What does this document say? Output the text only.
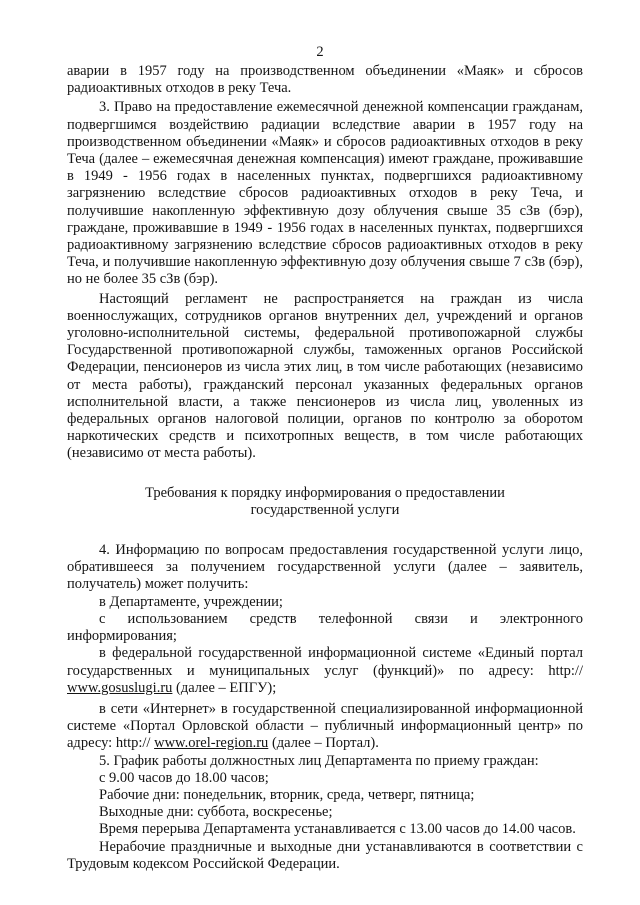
2

аварии в 1957 году на производственном объединении «Маяк» и сбросов радиоактивных отходов в реку Теча.

3. Право на предоставление ежемесячной денежной компенсации гражданам, подвергшимся воздействию радиации вследствие аварии в 1957 году на производственном объединении «Маяк» и сбросов радиоактивных отходов в реку Теча (далее – ежемесячная денежная компенсация) имеют граждане, проживавшие в 1949 - 1956 годах в населенных пунктах, подвергшихся радиоактивному загрязнению вследствие сбросов радиоактивных отходов в реку Теча, и получившие накопленную эффективную дозу облучения свыше 35 сЗв (бэр), граждане, проживавшие в 1949 - 1956 годах в населенных пунктах, подвергшихся радиоактивному загрязнению вследствие сбросов радиоактивных отходов в реку Теча, и получившие накопленную эффективную дозу облучения свыше 7 сЗв (бэр), но не более 35 сЗв (бэр).

Настоящий регламент не распространяется на граждан из числа военнослужащих, сотрудников органов внутренних дел, учреждений и органов уголовно-исполнительной системы, федеральной противопожарной службы Государственной противопожарной службы, таможенных органов Российской Федерации, пенсионеров из числа этих лиц, в том числе работающих (независимо от места работы), гражданский персонал указанных федеральных органов исполнительной власти, а также пенсионеров из числа лиц, уволенных из федеральных органов налоговой полиции, органов по контролю за оборотом наркотических средств и психотропных веществ, в том числе работающих (независимо от места работы).

Требования к порядку информирования о предоставлении
государственной услуги

4. Информацию по вопросам предоставления государственной услуги лицо, обратившееся за получением государственной услуги (далее – заявитель, получатель) может получить:

в Департаменте, учреждении;

с использованием средств телефонной связи и электронного информирования;

в федеральной государственной информационной системе «Единый портал государственных и муниципальных услуг (функций)» по адресу: http:// www.gosuslugi.ru (далее – ЕПГУ);

в сети «Интернет» в государственной специализированной информационной системе «Портал Орловской области – публичный информационный центр» по адресу: http:// www.orel-region.ru (далее – Портал).

5. График работы должностных лиц Департамента по приему граждан:

с 9.00 часов до 18.00 часов;

Рабочие дни: понедельник, вторник, среда, четверг, пятница;

Выходные дни: суббота, воскресенье;

Время перерыва Департамента устанавливается с 13.00 часов до 14.00 часов.

Нерабочие праздничные и выходные дни устанавливаются в соответствии с Трудовым кодексом Российской Федерации.
